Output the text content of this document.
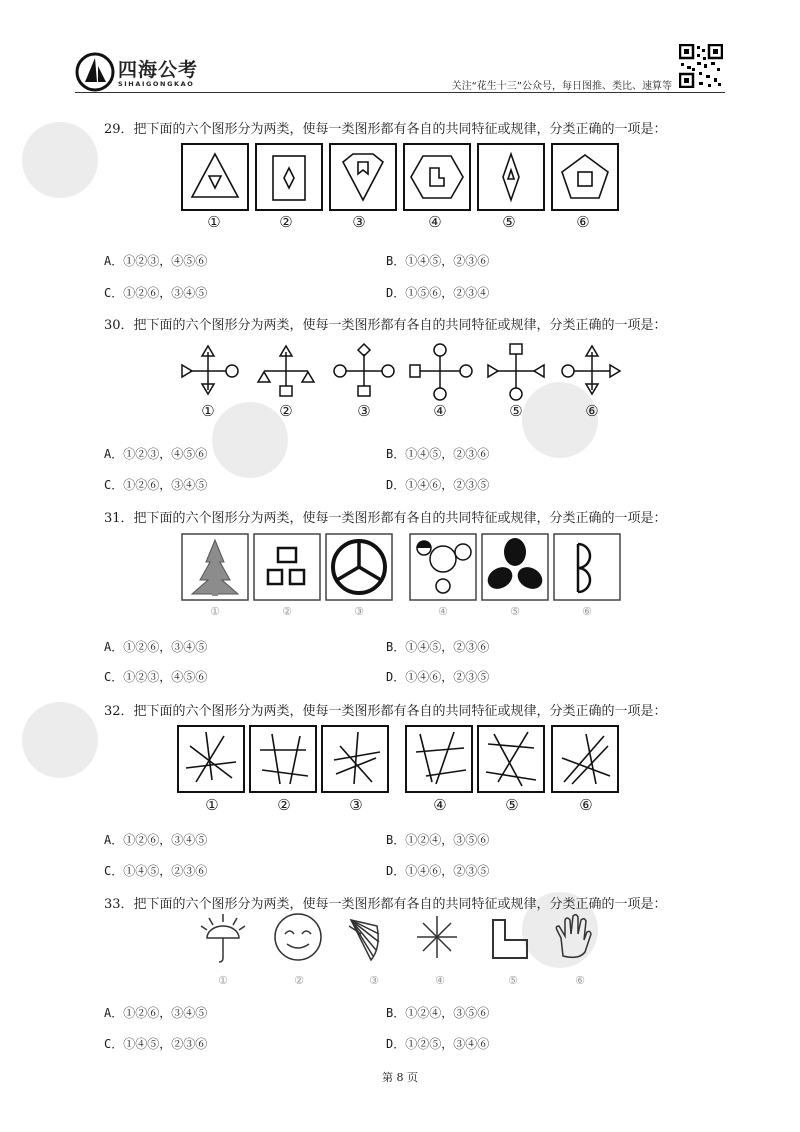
四海公考
SIHAIGONGKAO	关注“花生十三”公众号，每日图推、类比、速算等
29．把下面的六个图形分为两类，使每一类图形都有各自的共同特征或规律，分类正确的一项是：
①	②	③	④	⑤	⑥
A．①②③，④⑤⑥	B．①④⑤，②③⑥
C．①②⑥，③④⑤	D．①⑤⑥，②③④
30．把下面的六个图形分为两类，使每一类图形都有各自的共同特征或规律，分类正确的一项是：
①	②	③	④	⑤	⑥
A．①②③，④⑤⑥	B．①④⑤，②③⑥
C．①②⑥，③④⑤	D．①④⑥，②③⑤
31．把下面的六个图形分为两类，使每一类图形都有各自的共同特征或规律，分类正确的一项是：
①	②	③	④	⑤	⑥
A．①②⑥，③④⑤	B．①④⑤，②③⑥
C．①②③，④⑤⑥	D．①④⑥，②③⑤
32．把下面的六个图形分为两类，使每一类图形都有各自的共同特征或规律，分类正确的一项是：
①	②	③	④	⑤	⑥
A．①②⑥，③④⑤	B．①②④，③⑤⑥
C．①④⑤，②③⑥	D．①④⑥，②③⑤
33．把下面的六个图形分为两类，使每一类图形都有各自的共同特征或规律，分类正确的一项是：
①	②	③	④	⑤	⑥
A．①②⑥，③④⑤	B．①②④，③⑤⑥
C．①④⑤，②③⑥	D．①②⑤，③④⑥
第 8 页
